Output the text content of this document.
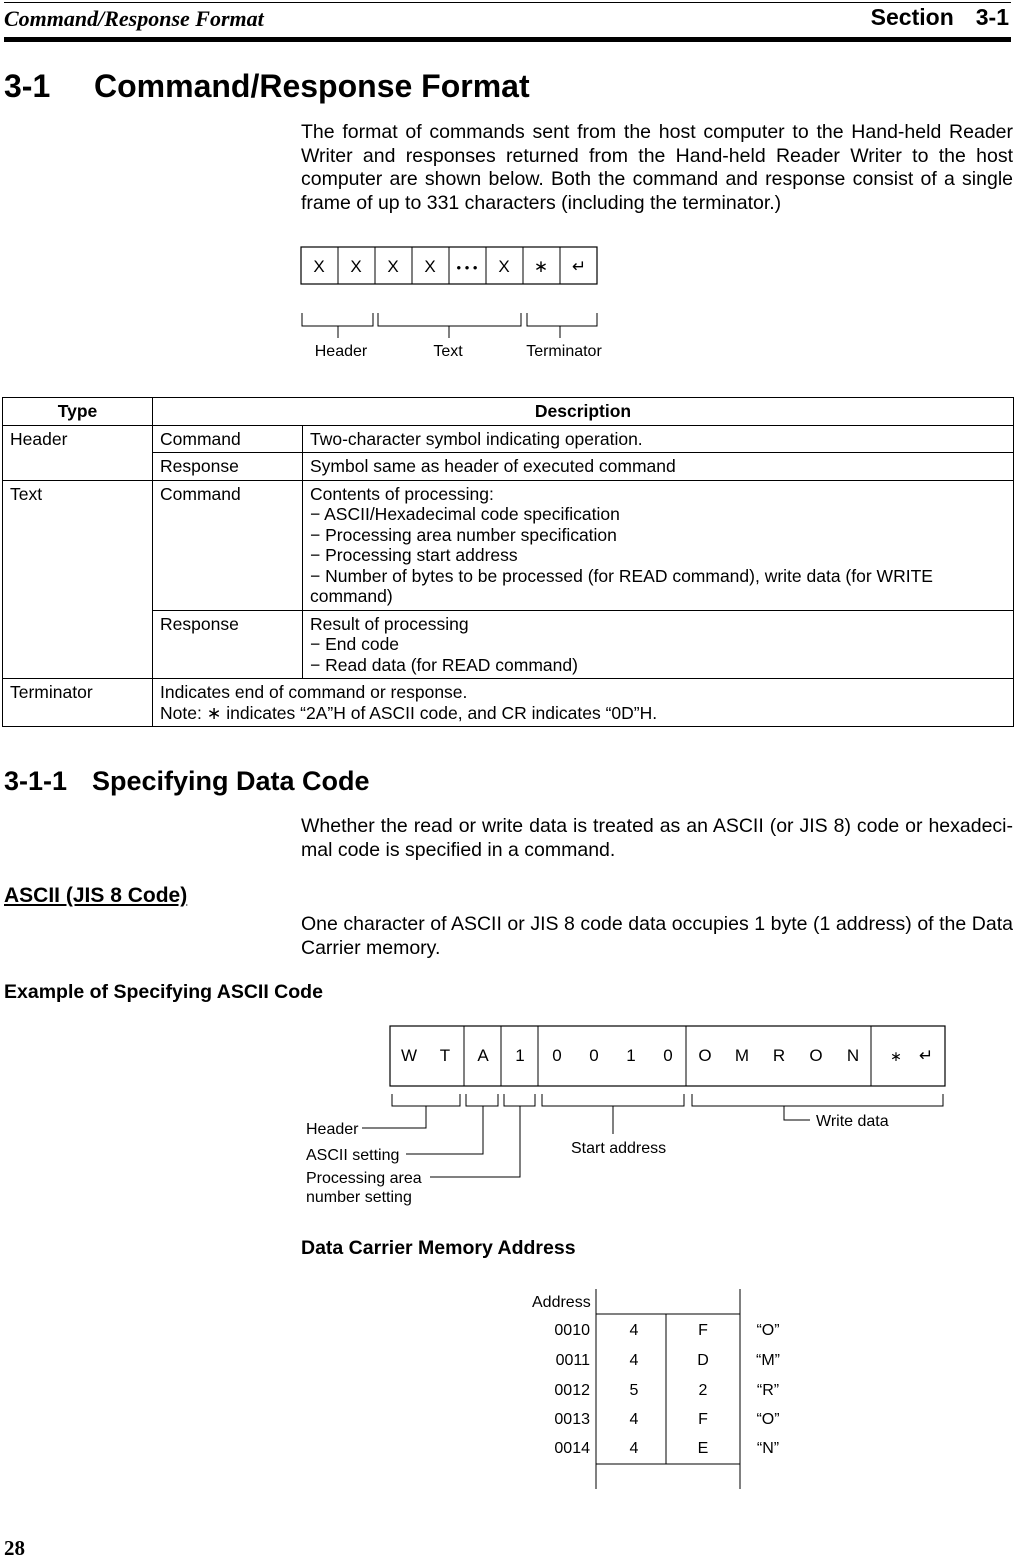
Command/Response Format	Section 3-1
3-1 Command/Response Format
The format of commands sent from the host computer to the Hand-held Reader Writer and responses returned from the Hand-held Reader Writer to the host computer are shown below. Both the command and response consist of a single frame of up to 331 characters (including the terminator.)
X X X X • • • X ∗ ↵
Header	Text	Terminator
Type	Description	
Header	Command	Two-character symbol indicating operation.
	Response	Symbol same as header of executed command
Text	Command	Contents of processing:
− ASCII/Hexadecimal code specification
− Processing area number specification
− Processing start address
− Number of bytes to be processed (for READ command), write data (for WRITE command)

	Response	Result of processing
− End code
− Read data (for READ command)

Terminator	Indicates end of command or response.
Note: ∗ indicates “2A”H of ASCII code, and CR indicates “0D”H.	
3-1-1 Specifying Data Code
Whether the read or write data is treated as an ASCII (or JIS 8) code or hexadeci-mal code is specified in a command.
ASCII (JIS 8 Code)
One character of ASCII or JIS 8 code data occupies 1 byte (1 address) of the Data Carrier memory.
Example of Specifying ASCII Code
W T A 1 0 0 1 0 O M R O N ∗ ↵
Header
ASCII setting
Processing area
number setting
Start address
Write data
Data Carrier Memory Address
Address
0010 4	F	“O”
0011 4	D	“M”
0012 5	2	“R”
0013 4	F	“O”
0014 4	E	“N”
28
